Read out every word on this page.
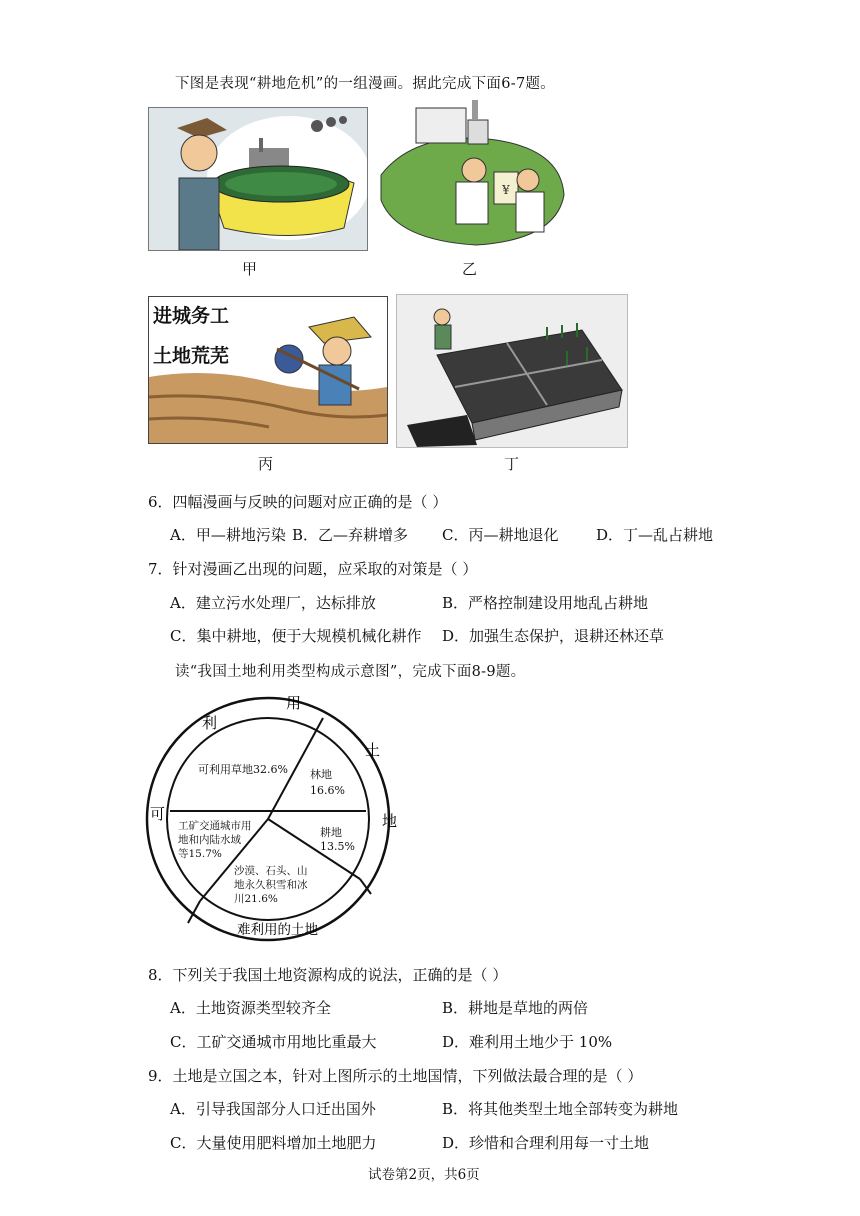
下图是表现“耕地危机”的一组漫画。据此完成下面6-7题。
甲
¥
乙
进城务工
土地荒芜
丙	丁
6．四幅漫画与反映的问题对应正确的是（ ）
A．甲—耕地污染 B．乙—弃耕增多 C．丙—耕地退化	D．丁—乱占耕地
7．针对漫画乙出现的问题，应采取的对策是（ ）
A．建立污水处理厂，达标排放	B．严格控制建设用地乱占耕地
C．集中耕地，便于大规模机械化耕作 D．加强生态保护，退耕还林还草
读“我国土地利用类型构成示意图”，完成下面8-9题。
利
用
土
地
可
难利用的土地
可利用草地32.6% 林地 16.6%
耕地 13.5%
沙漠、石头、山地永久积雪和冰川21.6%
工矿交通城市用地和内陆水域等15.7%
8．下列关于我国土地资源构成的说法，正确的是（ ）
A．土地资源类型较齐全	B．耕地是草地的两倍
C．工矿交通城市用地比重最大	D．难利用土地少于 10%
9．土地是立国之本，针对上图所示的土地国情，下列做法最合理的是（ ）
A．引导我国部分人口迁出国外	B．将其他类型土地全部转变为耕地
C．大量使用肥料增加土地肥力	D．珍惜和合理利用每一寸土地
试卷第2页，共6页
